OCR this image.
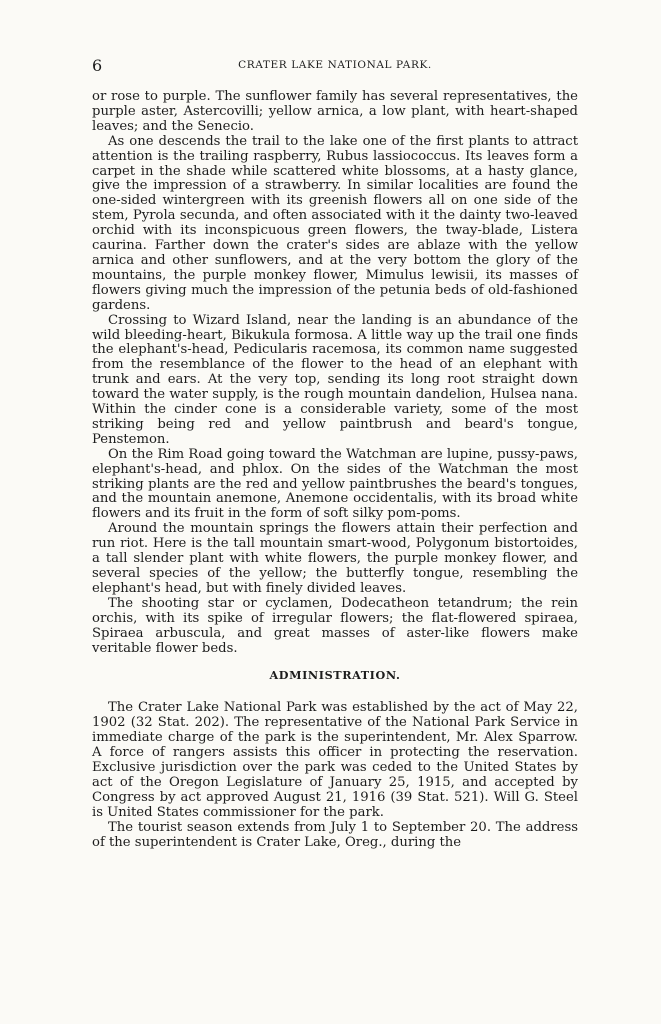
6	CRATER LAKE NATIONAL PARK.

or rose to purple. The sunflower family has several representatives, the purple aster, Astercovilli; yellow arnica, a low plant, with heart-shaped leaves; and the Senecio.

As one descends the trail to the lake one of the first plants to attract attention is the trailing raspberry, Rubus lassiococcus. Its leaves form a carpet in the shade while scattered white blossoms, at a hasty glance, give the impression of a strawberry. In similar localities are found the one-sided wintergreen with its greenish flowers all on one side of the stem, Pyrola secunda, and often associated with it the dainty two-leaved orchid with its inconspicuous green flowers, the tway-blade, Listera caurina. Farther down the crater's sides are ablaze with the yellow arnica and other sunflowers, and at the very bottom the glory of the mountains, the purple monkey flower, Mimulus lewisii, its masses of flowers giving much the impression of the petunia beds of old-fashioned gardens.

Crossing to Wizard Island, near the landing is an abundance of the wild bleeding-heart, Bikukula formosa. A little way up the trail one finds the elephant's-head, Pedicularis racemosa, its common name suggested from the resemblance of the flower to the head of an elephant with trunk and ears. At the very top, sending its long root straight down toward the water supply, is the rough mountain dandelion, Hulsea nana. Within the cinder cone is a considerable variety, some of the most striking being red and yellow paintbrush and beard's tongue, Penstemon.

On the Rim Road going toward the Watchman are lupine, pussy-paws, elephant's-head, and phlox. On the sides of the Watchman the most striking plants are the red and yellow paintbrushes the beard's tongues, and the mountain anemone, Anemone occidentalis, with its broad white flowers and its fruit in the form of soft silky pom-poms.

Around the mountain springs the flowers attain their perfection and run riot. Here is the tall mountain smart-wood, Polygonum bistortoides, a tall slender plant with white flowers, the purple monkey flower, and several species of the yellow; the butterfly tongue, resembling the elephant's head, but with finely divided leaves.

The shooting star or cyclamen, Dodecatheon tetandrum; the rein orchis, with its spike of irregular flowers; the flat-flowered spiraea, Spiraea arbuscula, and great masses of aster-like flowers make veritable flower beds.

ADMINISTRATION.

The Crater Lake National Park was established by the act of May 22, 1902 (32 Stat. 202). The representative of the National Park Service in immediate charge of the park is the superintendent, Mr. Alex Sparrow. A force of rangers assists this officer in protecting the reservation. Exclusive jurisdiction over the park was ceded to the United States by act of the Oregon Legislature of January 25, 1915, and accepted by Congress by act approved August 21, 1916 (39 Stat. 521). Will G. Steel is United States commissioner for the park.

The tourist season extends from July 1 to September 20. The address of the superintendent is Crater Lake, Oreg., during the
